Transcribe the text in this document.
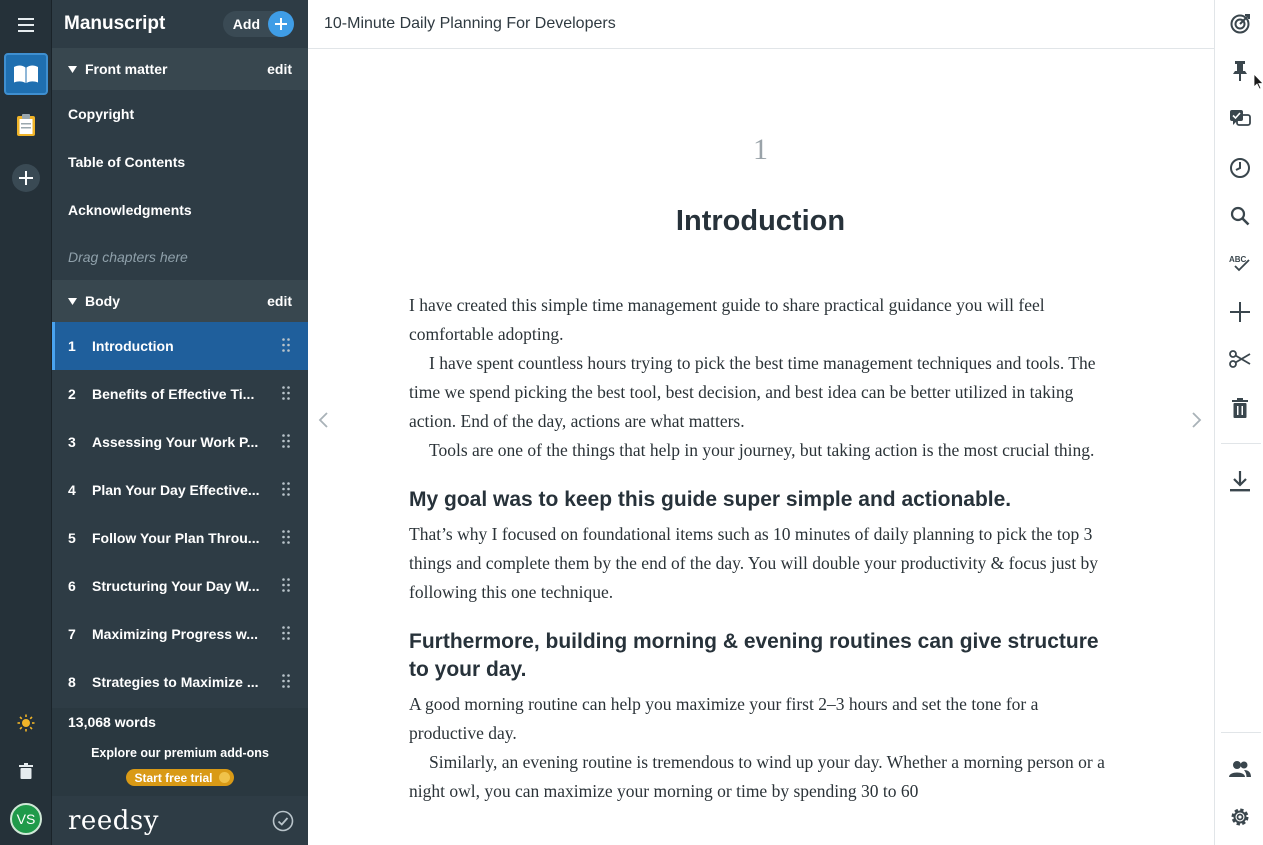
VS
Manuscript	Add
Front matter	edit
Copyright
Table of Contents
Acknowledgments
Drag chapters here
Body	edit
1	Introduction
2	Benefits of Effective Ti...
3	Assessing Your Work P...
4	Plan Your Day Effective...
5	Follow Your Plan Throu...
6	Structuring Your Day W...
7	Maximizing Progress w...
8	Strategies to Maximize ...
13,068 words
Explore our premium add-ons
Start free trial
reedsy
10-Minute Daily Planning For Developers
1
Introduction
I have created this simple time management guide to share practical guidance you will feel comfortable adopting.
I have spent countless hours trying to pick the best time management techniques and tools. The time we spend picking the best tool, best decision, and best idea can be better utilized in taking action. End of the day, actions are what matters.
Tools are one of the things that help in your journey, but taking action is the most crucial thing.
My goal was to keep this guide super simple and actionable.
That’s why I focused on foundational items such as 10 minutes of daily planning to pick the top 3 things and complete them by the end of the day. You will double your productivity & focus just by following this one technique.
Furthermore, building morning & evening routines can give structure to your day.
A good morning routine can help you maximize your first 2–3 hours and set the tone for a productive day.
Similarly, an evening routine is tremendous to wind up your day. Whether a morning person or a night owl, you can maximize your morning or time by spending 30 to 60
ABC
